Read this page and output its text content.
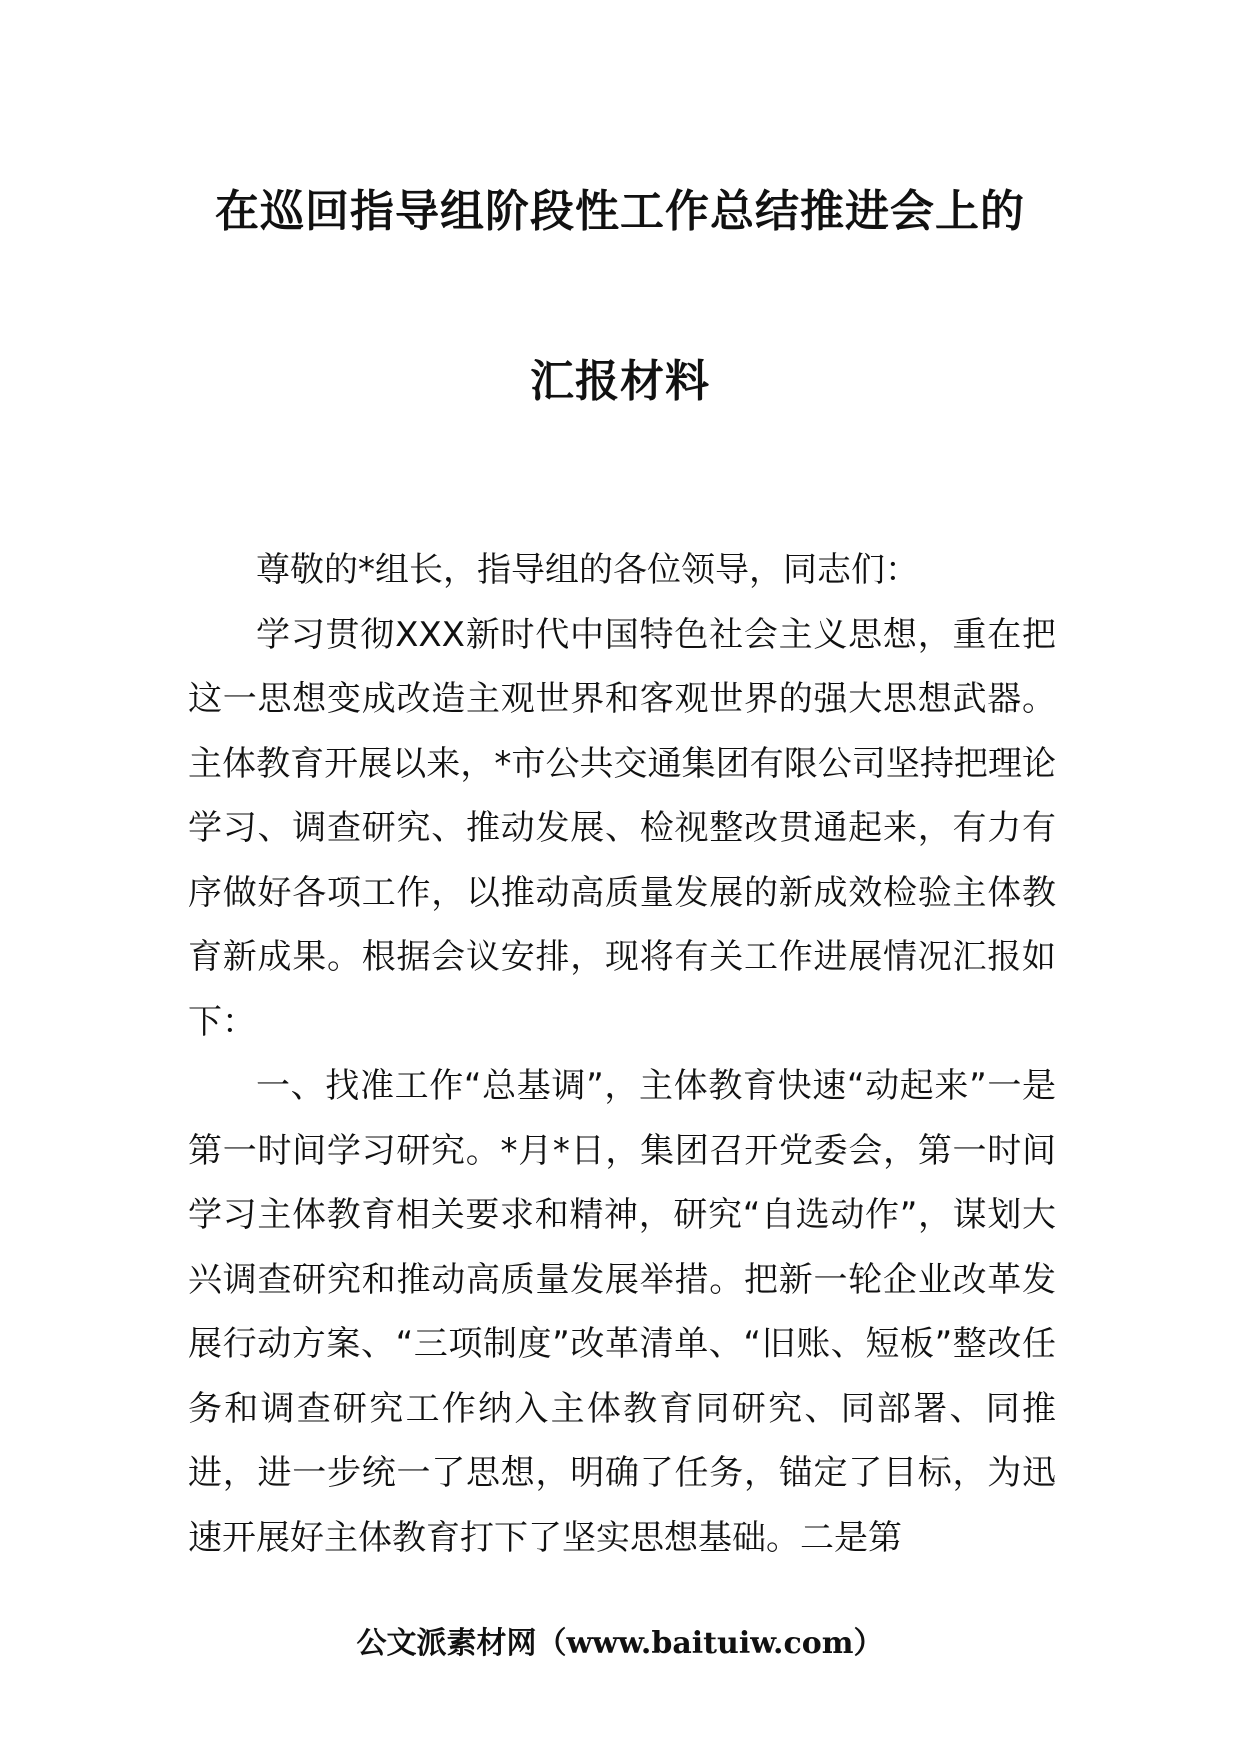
在巡回指导组阶段性工作总结推进会上的
汇报材料

尊敬的*组长，指导组的各位领导，同志们：

学习贯彻XXX新时代中国特色社会主义思想，重在把这一思想变成改造主观世界和客观世界的强大思想武器。主体教育开展以来，*市公共交通集团有限公司坚持把理论学习、调查研究、推动发展、检视整改贯通起来，有力有序做好各项工作，以推动高质量发展的新成效检验主体教育新成果。根据会议安排，现将有关工作进展情况汇报如下：

一、找准工作“总基调”，主体教育快速“动起来”一是第一时间学习研究。*月*日，集团召开党委会，第一时间学习主体教育相关要求和精神，研究“自选动作”，谋划大兴调查研究和推动高质量发展举措。把新一轮企业改革发展行动方案、“三项制度”改革清单、“旧账、短板”整改任务和调查研究工作纳入主体教育同研究、同部署、同推进，进一步统一了思想，明确了任务，锚定了目标，为迅速开展好主体教育打下了坚实思想基础。二是第

公文派素材网（www.baituiw.com）
